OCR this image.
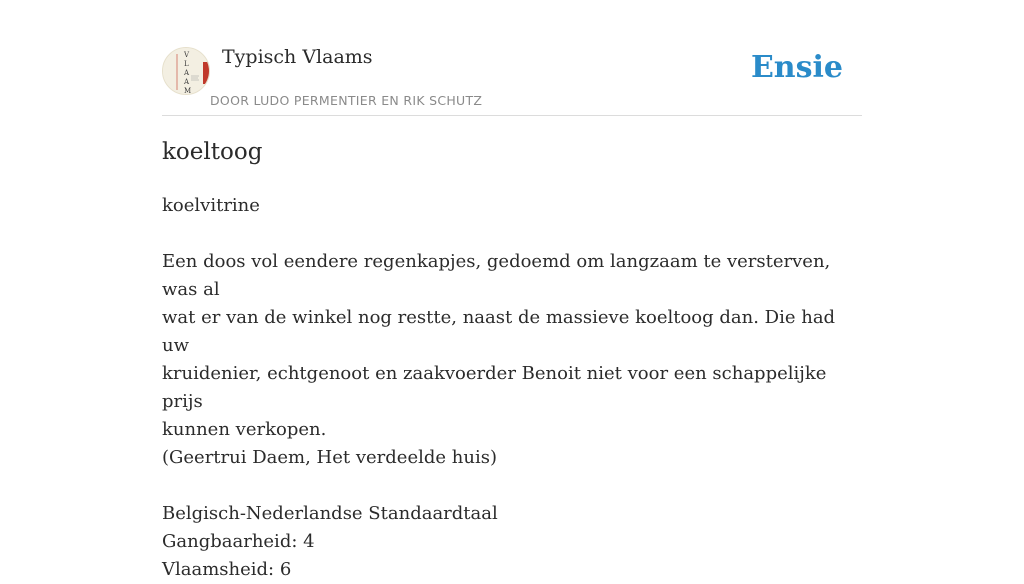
V
L
A
A
M
Typisch Vlaams
DOOR LUDO PERMENTIER EN RIK SCHUTZ
Ensie
koeltoog

koelvitrine

Een doos vol eendere regenkapjes, gedoemd om langzaam te versterven, was al

wat er van de winkel nog restte, naast de massieve koeltoog dan. Die had uw

kruidenier, echtgenoot en zaakvoerder Benoit niet voor een schappelijke prijs

kunnen verkopen.

(Geertrui Daem, Het verdeelde huis)

Belgisch-Nederlandse Standaardtaal

Gangbaarheid: 4

Vlaamsheid: 6
